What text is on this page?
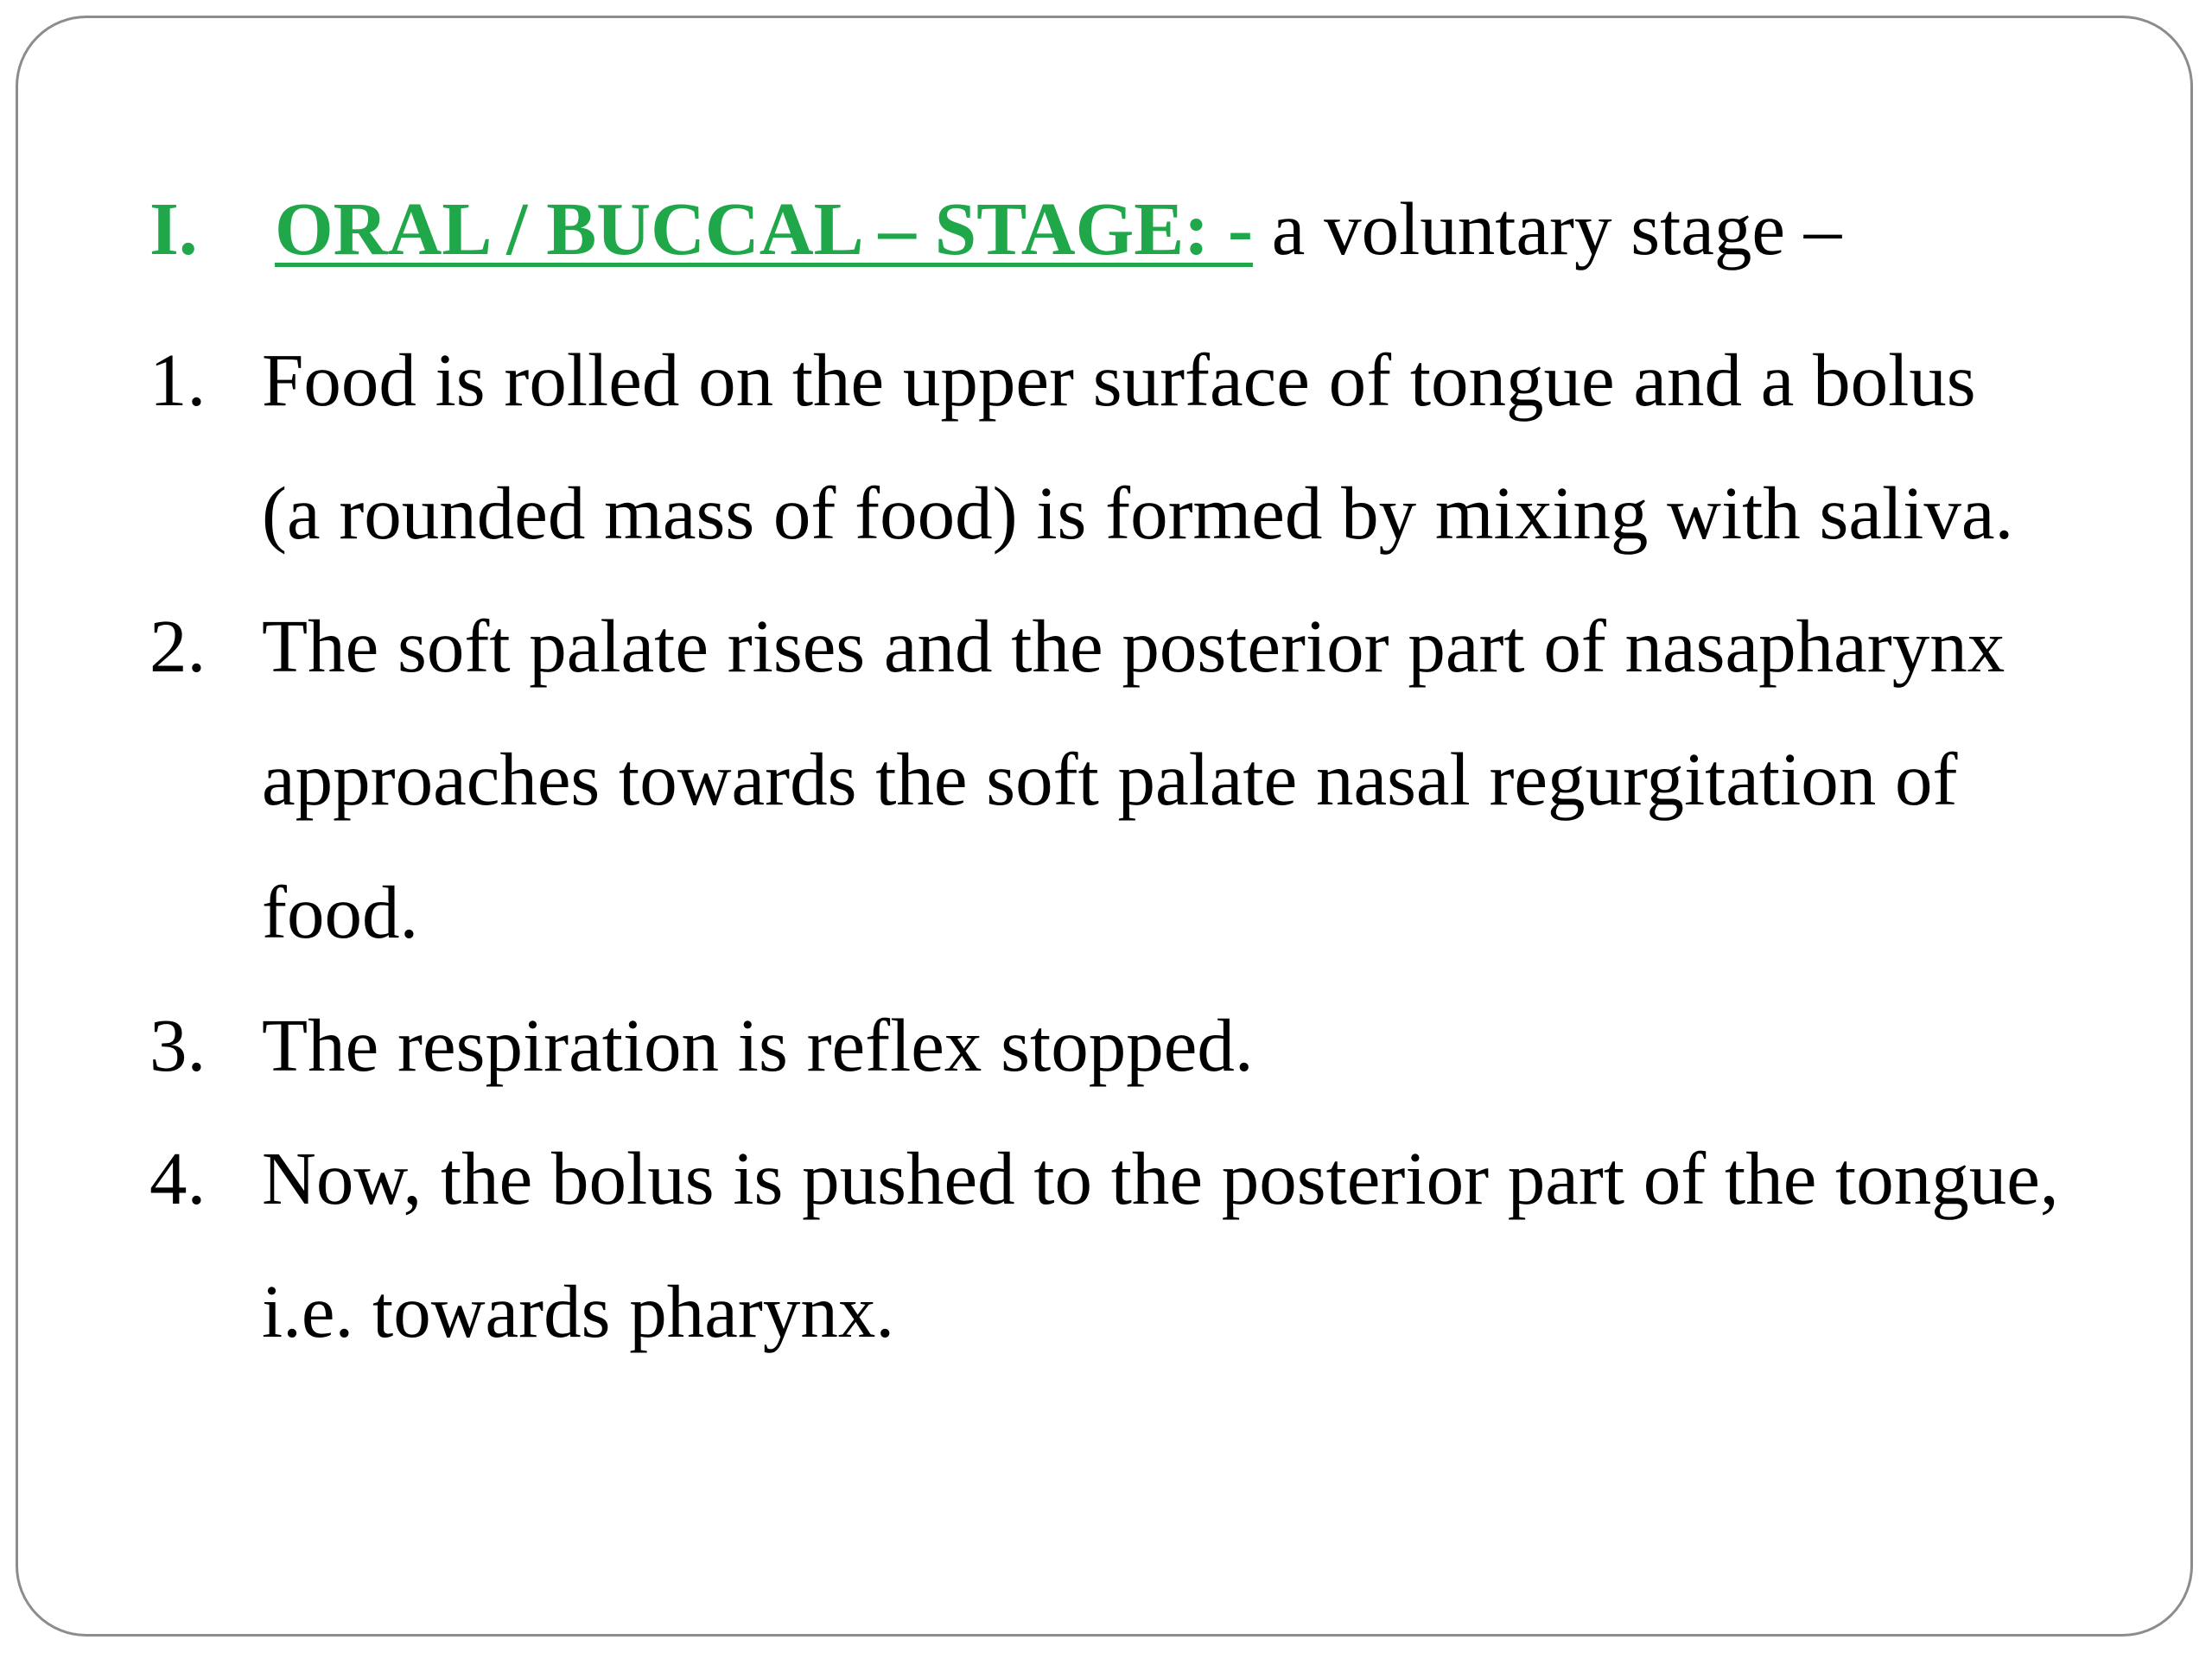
I. ORAL / BUCCAL – STAGE: - a voluntary stage –
1. Food is rolled on the upper surface of tongue and a bolus
(a rounded mass of food) is formed by mixing with saliva.
2. The soft palate rises and the posterior part of nasapharynx
approaches towards the soft palate nasal regurgitation of
food.
3. The respiration is reflex stopped.
4. Now, the bolus is pushed to the posterior part of the tongue,
i.e. towards pharynx.
